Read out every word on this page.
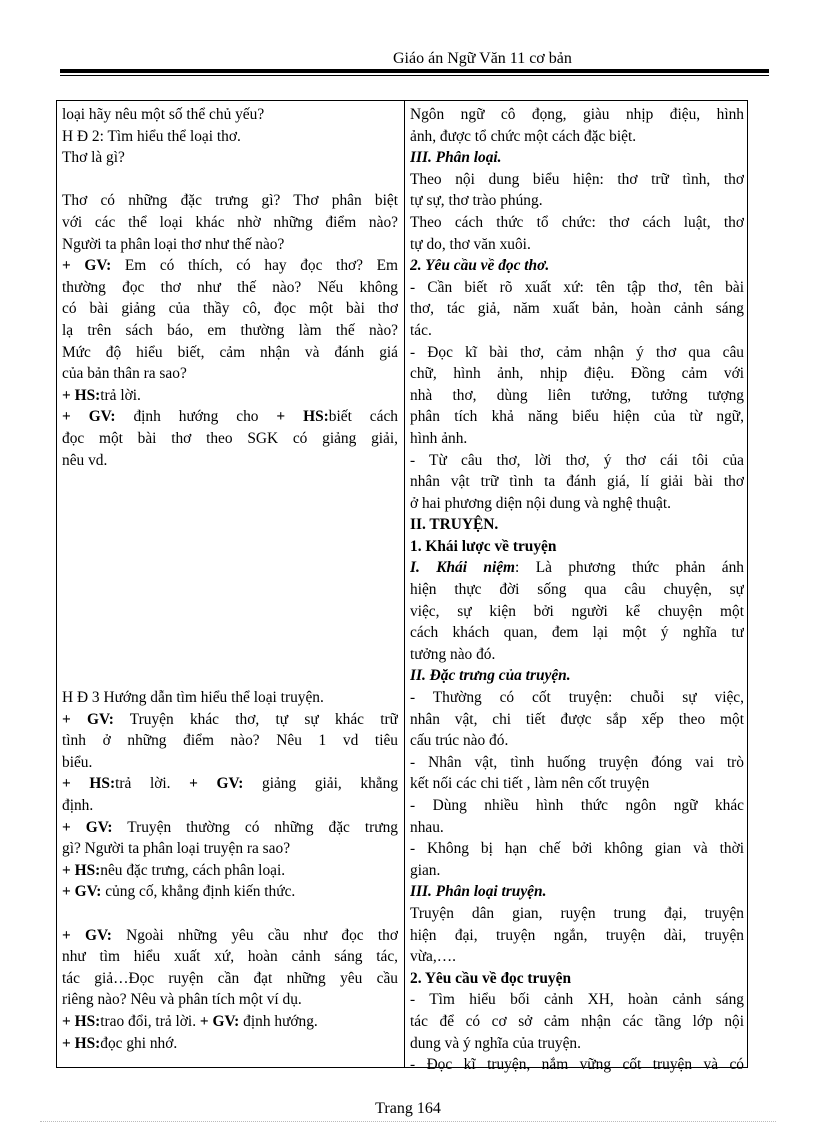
Giáo án Ngữ Văn 11 cơ bản
loại hãy nêu một số thể chủ yếu?
H Đ 2: Tìm hiểu thể loại thơ.
Thơ là gì?
Thơ có những đặc trưng gì? Thơ phân biệt
với các thể loại khác nhờ những điểm nào?
Người ta phân loại thơ như thế nào?
+ GV: Em có thích, có hay đọc thơ? Em
thường đọc thơ như thế nào? Nếu không
có bài giảng của thầy cô, đọc một bài thơ
lạ trên sách báo, em thường làm thế nào?
Mức độ hiểu biết, cảm nhận và đánh giá
của bản thân ra sao?
+ HS:trả lời.
+ GV: định hướng cho + HS:biết cách
đọc một bài thơ theo SGK có giảng giải,
nêu vd.
H Đ 3 Hướng dẫn tìm hiểu thể loại truyện.
+ GV: Truyện khác thơ, tự sự khác trữ
tình ở những điểm nào? Nêu 1 vd tiêu
biểu.
+ HS:trả lời. + GV: giảng giải, khẳng
định.
+ GV: Truyện thường có những đặc trưng
gì? Người ta phân loại truyện ra sao?
+ HS:nêu đặc trưng, cách phân loại.
+ GV: củng cố, khẳng định kiến thức.
+ GV: Ngoài những yêu cầu như đọc thơ
như tìm hiểu xuất xứ, hoàn cảnh sáng tác,
tác giả…Đọc ruyện cần đạt những yêu cầu
riêng nào? Nêu và phân tích một ví dụ.
+ HS:trao đổi, trả lời. + GV: định hướng.
+ HS:đọc ghi nhớ.
Ngôn ngữ cô đọng, giàu nhịp điệu, hình
ảnh, được tổ chức một cách đặc biệt.
III. Phân loại.
Theo nội dung biểu hiện: thơ trữ tình, thơ
tự sự, thơ trào phúng.
Theo cách thức tổ chức: thơ cách luật, thơ
tự do, thơ văn xuôi.
2. Yêu cầu về đọc thơ.
- Cần biết rõ xuất xứ: tên tập thơ, tên bài
thơ, tác giả, năm xuất bản, hoàn cảnh sáng
tác.
- Đọc kĩ bài thơ, cảm nhận ý thơ qua câu
chữ, hình ảnh, nhịp điệu. Đồng cảm với
nhà thơ, dùng liên tưởng, tưởng tượng
phân tích khả năng biểu hiện của từ ngữ,
hình ảnh.
- Từ câu thơ, lời thơ, ý thơ cái tôi của
nhân vật trữ tình ta đánh giá, lí giải bài thơ
ở hai phương diện nội dung và nghệ thuật.
II. TRUYỆN.
1. Khái lược về truyện
I. Khái niệm: Là phương thức phản ánh
hiện thực đời sống qua câu chuyện, sự
việc, sự kiện bởi người kể chuyện một
cách khách quan, đem lại một ý nghĩa tư
tưởng nào đó.
II. Đặc trưng của truyện.
- Thường có cốt truyện: chuỗi sự việc,
nhân vật, chi tiết được sắp xếp theo một
cấu trúc nào đó.
- Nhân vật, tình huống truyện đóng vai trò
kết nối các chi tiết , làm nên cốt truyện
- Dùng nhiều hình thức ngôn ngữ khác
nhau.
- Không bị hạn chế bởi không gian và thời
gian.
III. Phân loại truyện.
Truyện dân gian, ruyện trung đại, truyện
hiện đại, truyện ngắn, truyện dài, truyện
vừa,….
2. Yêu cầu về đọc truyện
- Tìm hiểu bối cảnh XH, hoàn cảnh sáng
tác để có cơ sở cảm nhận các tầng lớp nội
dung và ý nghĩa của truyện.
- Đọc kĩ truyện, nắm vững cốt truyện và có
Trang 164
